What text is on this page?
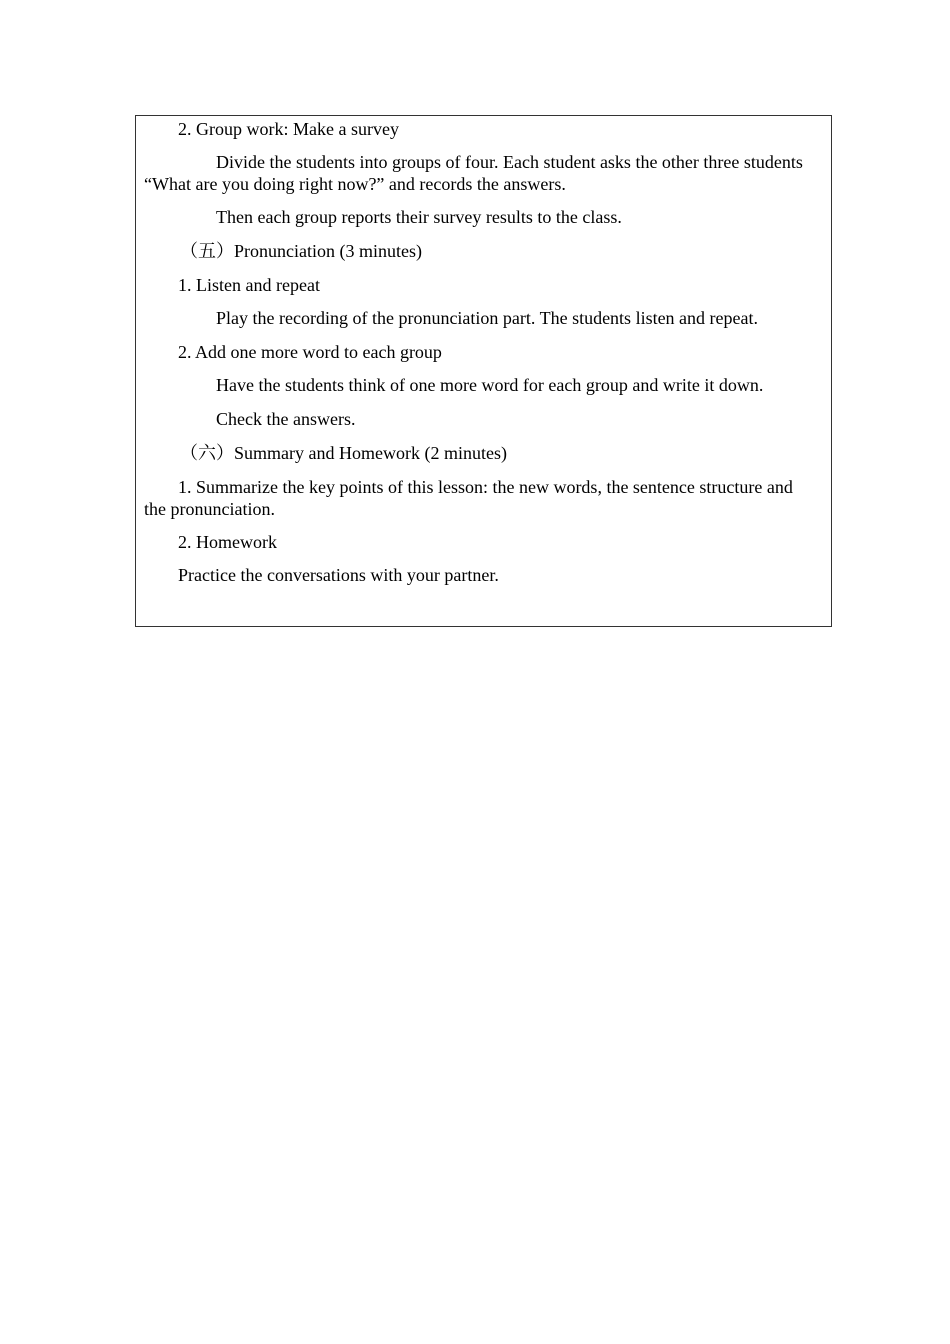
2. Group work: Make a survey
Divide the students into groups of four. Each student asks the other three students “What are you doing right now?” and records the answers.
Then each group reports their survey results to the class.
（五）Pronunciation (3 minutes)
1. Listen and repeat
Play the recording of the pronunciation part. The students listen and repeat.
2. Add one more word to each group
Have the students think of one more word for each group and write it down.
Check the answers.
（六）Summary and Homework (2 minutes)
1. Summarize the key points of this lesson: the new words, the sentence structure and the pronunciation.
2. Homework
Practice the conversations with your partner.
